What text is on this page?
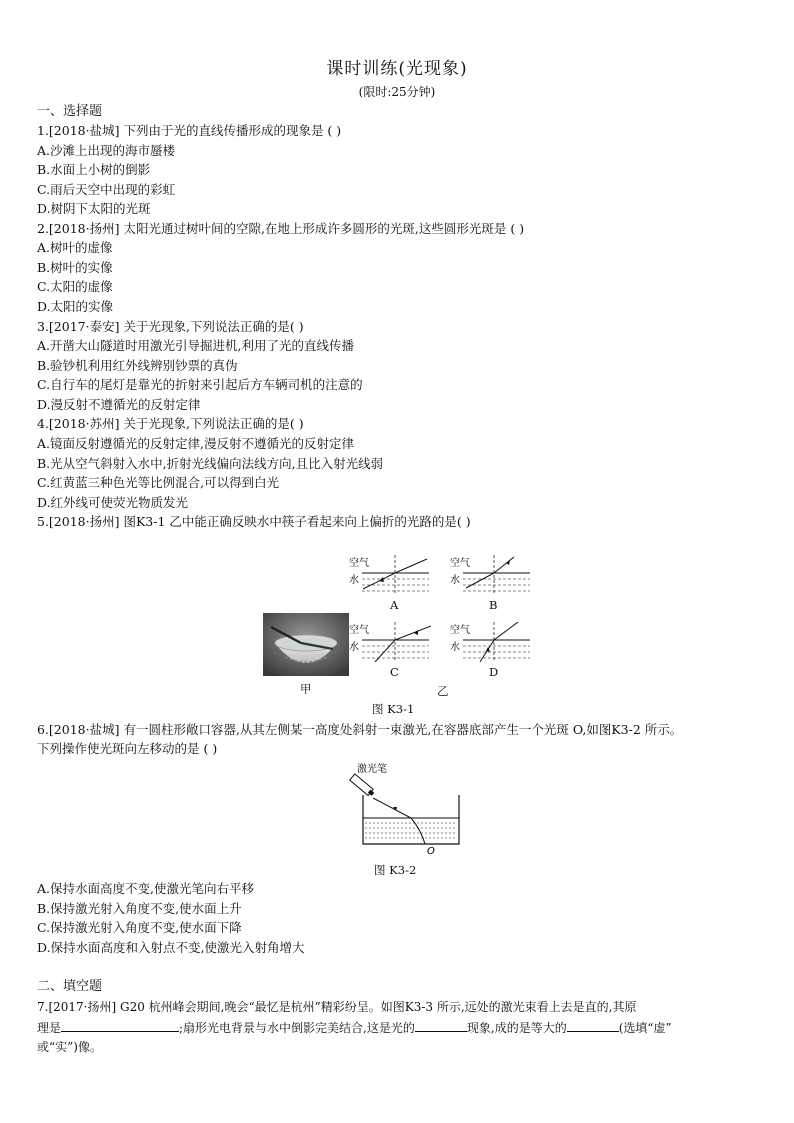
课时训练(光现象)
(限时:25分钟)
一、选择题
1.[2018·盐城] 下列由于光的直线传播形成的现象是 ( )
A.沙滩上出现的海市蜃楼
B.水面上小树的倒影
C.雨后天空中出现的彩虹
D.树阴下太阳的光斑
2.[2018·扬州] 太阳光通过树叶间的空隙,在地上形成许多圆形的光斑,这些圆形光斑是 ( )
A.树叶的虚像
B.树叶的实像
C.太阳的虚像
D.太阳的实像
3.[2017·泰安] 关于光现象,下列说法正确的是( )
A.开凿大山隧道时用激光引导掘进机,利用了光的直线传播
B.验钞机利用红外线辨别钞票的真伪
C.自行车的尾灯是靠光的折射来引起后方车辆司机的注意的
D.漫反射不遵循光的反射定律
4.[2018·苏州] 关于光现象,下列说法正确的是( )
A.镜面反射遵循光的反射定律,漫反射不遵循光的反射定律
B.光从空气斜射入水中,折射光线偏向法线方向,且比入射光线弱
C.红黄蓝三种色光等比例混合,可以得到白光
D.红外线可使荧光物质发光
5.[2018·扬州] 图K3-1 乙中能正确反映水中筷子看起来向上偏折的光路的是( )
甲
空气
水
A
空气
水
B
空气
水
C
空气
水
D
乙
图 K3-1
6.[2018·盐城] 有一圆柱形敞口容器,从其左侧某一高度处斜射一束激光,在容器底部产生一个光斑 O,如图K3-2 所示。
下列操作使光斑向左移动的是 ( )
激光笔
O
图 K3-2
A.保持水面高度不变,使激光笔向右平移
B.保持激光射入角度不变,使水面上升
C.保持激光射入角度不变,使水面下降
D.保持水面高度和入射点不变,使激光入射角增大
二、填空题
7.[2017·扬州] G20 杭州峰会期间,晚会“最忆是杭州”精彩纷呈。如图K3-3 所示,远处的激光束看上去是直的,其原
理是	;扇形光电背景与水中倒影完美结合,这是光的	现象,成的是等大的	(选填“虚”
或“实”)像。
